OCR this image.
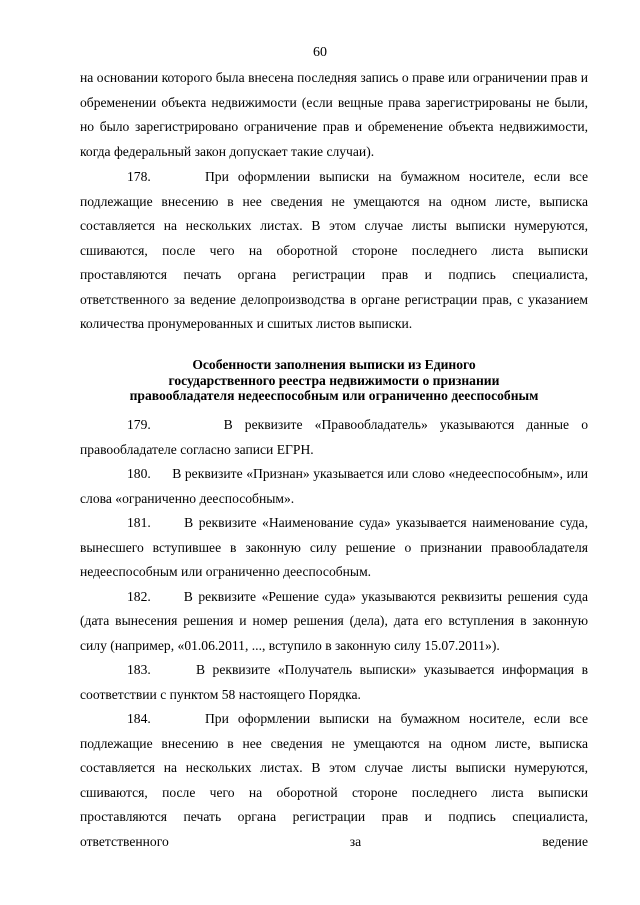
60

на основании которого была внесена последняя запись о праве или ограничении прав и обременении объекта недвижимости (если вещные права зарегистрированы не были, но было зарегистрировано ограничение прав и обременение объекта недвижимости, когда федеральный закон допускает такие случаи).

178.      При оформлении выписки на бумажном носителе, если все подлежащие внесению в нее сведения не умещаются на одном листе, выписка составляется на нескольких листах. В этом случае листы выписки нумеруются, сшиваются, после чего на оборотной стороне последнего листа выписки проставляются печать органа регистрации прав и подпись специалиста, ответственного за ведение делопроизводства в органе регистрации прав, с указанием количества пронумерованных и сшитых листов выписки.

Особенности заполнения выписки из Единого
государственного реестра недвижимости о признании
правообладателя недееспособным или ограниченно дееспособным

179.      В реквизите «Правообладатель» указываются данные о правообладателе согласно записи ЕГРН.

180.      В реквизите «Признан» указывается или слово «недееспособным», или слова «ограниченно дееспособным».

181.      В реквизите «Наименование суда» указывается наименование суда, вынесшего вступившее в законную силу решение о признании правообладателя недееспособным или ограниченно дееспособным.

182.      В реквизите «Решение суда» указываются реквизиты решения суда (дата вынесения решения и номер решения (дела), дата его вступления в законную силу (например, «01.06.2011, ..., вступило в законную силу 15.07.2011»).

183.      В реквизите «Получатель выписки» указывается информация в соответствии с пунктом 58 настоящего Порядка.

184.      При оформлении выписки на бумажном носителе, если все подлежащие внесению в нее сведения не умещаются на одном листе, выписка составляется на нескольких листах. В этом случае листы выписки нумеруются, сшиваются, после чего на оборотной стороне последнего листа выписки проставляются печать органа регистрации прав и подпись специалиста, ответственного за ведение
